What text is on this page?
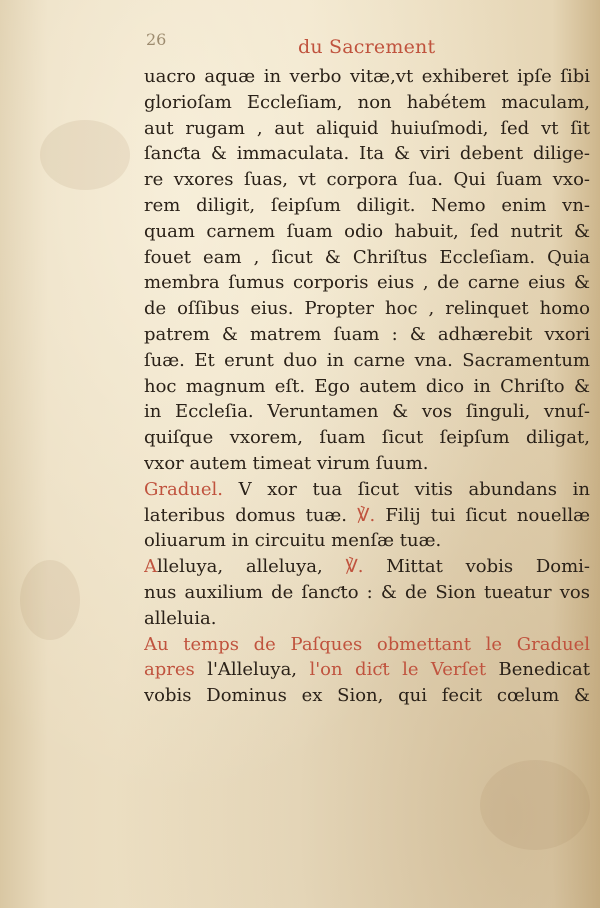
26	du Sacrement
uacro aquæ in verbo vitæ,vt exhiberet ipſe ſibi
glorioſam Eccleſiam, non habétem maculam,
aut rugam , aut aliquid huiuſmodi, ſed vt ſit
ſanƈta & immaculata. Ita & viri debent dilige-
re vxores ſuas, vt corpora ſua. Qui ſuam vxo-
rem diligit, ſeipſum diligit. Nemo enim vn-
quam carnem ſuam odio habuit, ſed nutrit &
fouet eam , ſicut & Chriſtus Eccleſiam. Quia
membra ſumus corporis eius , de carne eius &
de oſſibus eius. Propter hoc , relinquet homo
patrem & matrem ſuam : & adhærebit vxori
ſuæ. Et erunt duo in carne vna. Sacramentum
hoc magnum eſt. Ego autem dico in Chriſto &
in Eccleſia. Veruntamen & vos ſinguli, vnuſ-
quiſque vxorem, ſuam ſicut ſeipſum diligat,
vxor autem timeat virum ſuum.
Graduel. V xor tua ſicut vitis abundans in
lateribus domus tuæ. ℣. Filij tui ſicut nouellæ
oliuarum in circuitu menſæ tuæ.
Alleluya, alleluya, ℣. Mittat vobis Domi-
nus auxilium de ſanƈto : & de Sion tueatur vos
alleluia.
Au temps de Paſques obmettant le Graduel
apres l'Alleluya, l'on diƈt le Verſet Benedicat
vobis Dominus ex Sion, qui fecit cœlum &
